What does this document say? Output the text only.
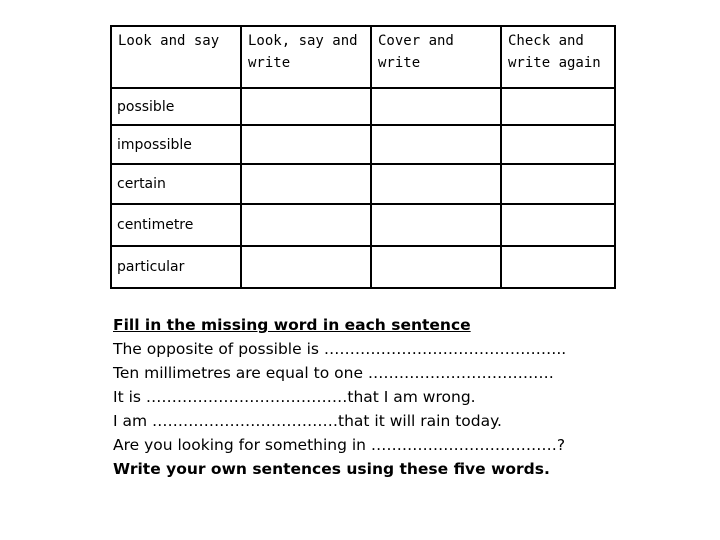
Look and say	Look, say and write	Cover and write	Check and write again

possible			

impossible			

certain			

centimetre			

particular			

Fill in the missing word in each sentence
The opposite of possible is ………………………………………..
Ten millimetres are equal to one ………………………………
It is …………………………………that I am wrong.
I am ………………………………that it will rain today.
Are you looking for something in ………………………………?
Write your own sentences using these five words.
